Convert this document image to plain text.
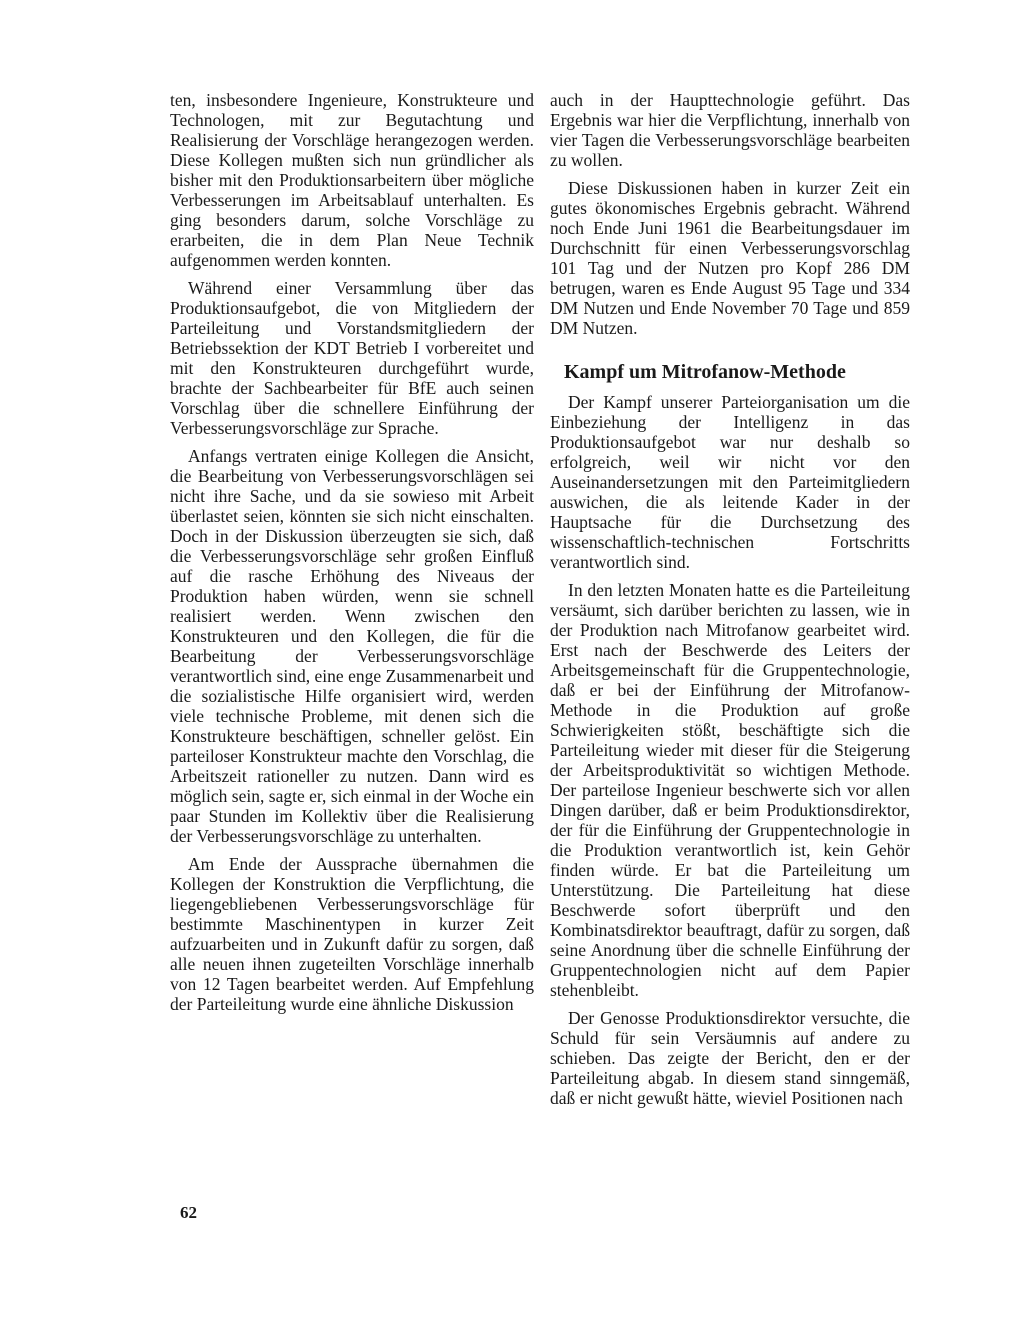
ten, insbesondere Ingenieure, Konstrukteure und Technologen, mit zur Begutachtung und Realisierung der Vorschläge herangezogen werden. Diese Kollegen mußten sich nun gründlicher als bisher mit den Produktionsarbeitern über mögliche Verbesserungen im Arbeitsablauf unterhalten. Es ging besonders darum, solche Vorschläge zu erarbeiten, die in dem Plan Neue Technik aufgenommen werden konnten.

Während einer Versammlung über das Produktionsaufgebot, die von Mitgliedern der Parteileitung und Vorstandsmitgliedern der Betriebssektion der KDT Betrieb I vorbereitet und mit den Konstrukteuren durchgeführt wurde, brachte der Sachbearbeiter für BfE auch seinen Vorschlag über die schnellere Einführung der Verbesserungsvorschläge zur Sprache.

Anfangs vertraten einige Kollegen die Ansicht, die Bearbeitung von Verbesserungsvorschlägen sei nicht ihre Sache, und da sie sowieso mit Arbeit überlastet seien, könnten sie sich nicht einschalten. Doch in der Diskussion überzeugten sie sich, daß die Verbesserungsvorschläge sehr großen Einfluß auf die rasche Erhöhung des Niveaus der Produktion haben würden, wenn sie schnell realisiert werden. Wenn zwischen den Konstrukteuren und den Kollegen, die für die Bearbeitung der Verbesserungsvorschläge verantwortlich sind, eine enge Zusammenarbeit und die sozialistische Hilfe organisiert wird, werden viele technische Probleme, mit denen sich die Konstrukteure beschäftigen, schneller gelöst. Ein parteiloser Konstrukteur machte den Vorschlag, die Arbeitszeit rationeller zu nutzen. Dann wird es möglich sein, sagte er, sich einmal in der Woche ein paar Stunden im Kollektiv über die Realisierung der Verbesserungsvorschläge zu unterhalten.

Am Ende der Aussprache übernahmen die Kollegen der Konstruktion die Verpflichtung, die liegengebliebenen Verbesserungsvorschläge für bestimmte Maschinentypen in kurzer Zeit aufzuarbeiten und in Zukunft dafür zu sorgen, daß alle neuen ihnen zugeteilten Vorschläge innerhalb von 12 Tagen bearbeitet werden. Auf Empfehlung der Parteileitung wurde eine ähnliche Diskussion

auch in der Haupttechnologie geführt. Das Ergebnis war hier die Verpflichtung, innerhalb von vier Tagen die Verbesserungsvorschläge bearbeiten zu wollen.

Diese Diskussionen haben in kurzer Zeit ein gutes ökonomisches Ergebnis gebracht. Während noch Ende Juni 1961 die Bearbeitungsdauer im Durchschnitt für einen Verbesserungsvorschlag 101 Tag und der Nutzen pro Kopf 286 DM betrugen, waren es Ende August 95 Tage und 334 DM Nutzen und Ende November 70 Tage und 859 DM Nutzen.

Kampf um Mitrofanow-Methode

Der Kampf unserer Parteiorganisation um die Einbeziehung der Intelligenz in das Produktionsaufgebot war nur deshalb so erfolgreich, weil wir nicht vor den Auseinandersetzungen mit den Parteimitgliedern auswichen, die als leitende Kader in der Hauptsache für die Durchsetzung des wissenschaftlich-technischen Fortschritts verantwortlich sind.

In den letzten Monaten hatte es die Parteileitung versäumt, sich darüber berichten zu lassen, wie in der Produktion nach Mitrofanow gearbeitet wird. Erst nach der Beschwerde des Leiters der Arbeitsgemeinschaft für die Gruppentechnologie, daß er bei der Einführung der Mitrofanow-Methode in die Produktion auf große Schwierigkeiten stößt, beschäftigte sich die Parteileitung wieder mit dieser für die Steigerung der Arbeitsproduktivität so wichtigen Methode. Der parteilose Ingenieur beschwerte sich vor allen Dingen darüber, daß er beim Produktionsdirektor, der für die Einführung der Gruppentechnologie in die Produktion verantwortlich ist, kein Gehör finden würde. Er bat die Parteileitung um Unterstützung. Die Parteileitung hat diese Beschwerde sofort überprüft und den Kombinatsdirektor beauftragt, dafür zu sorgen, daß seine Anordnung über die schnelle Einführung der Gruppentechnologien nicht auf dem Papier stehenbleibt.

Der Genosse Produktionsdirektor versuchte, die Schuld für sein Versäumnis auf andere zu schieben. Das zeigte der Bericht, den er der Parteileitung abgab. In diesem stand sinngemäß, daß er nicht gewußt hätte, wieviel Positionen nach

62
